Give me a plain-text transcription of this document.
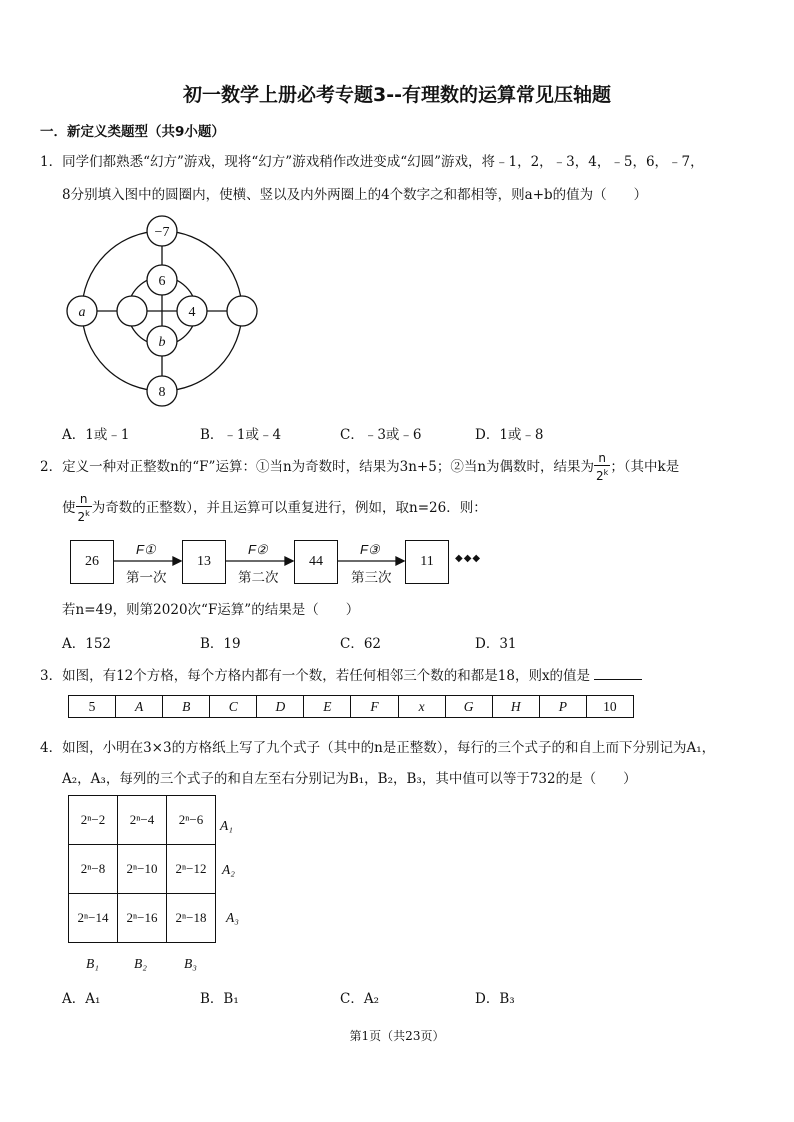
初一数学上册必考专题3--有理数的运算常见压轴题
一．新定义类题型（共9小题）
1．同学们都熟悉“幻方”游戏，现将“幻方”游戏稍作改进变成“幻圆”游戏，将﹣1，2，﹣3，4，﹣5，6，﹣7，
8分别填入图中的圆圈内，使横、竖以及内外两圈上的4个数字之和都相等，则a+b的值为（　　）
−7
6
4
b
a
8
A．1或﹣1	B．﹣1或﹣4	C．﹣3或﹣6	D．1或﹣8
2．定义一种对正整数n的“F”运算：①当n为奇数时，结果为3n+5；②当n为偶数时，结果为 $\frac{n}{2^k}$ ；（其中k是
使 $\frac{n}{2^k}$ 为奇数的正整数），并且运算可以重复进行，例如，取n=26．则：
26	13	44	11
F①	F②	F③
第一次	第二次	第三次
◆◆◆
若n=49，则第2020次“F运算”的结果是（　　）
A．152	B．19	C．62	D．31
3．如图，有12个方格，每个方格内都有一个数，若任何相邻三个数的和都是18，则x的值是
5	A	B	C	D	E	F	x	G	H	P	10
4．如图，小明在3×3的方格纸上写了九个式子（其中的n是正整数），每行的三个式子的和自上而下分别记为A₁，
A₂，A₃，每列的三个式子的和自左至右分别记为B₁，B₂，B₃，其中值可以等于732的是（　　）
2ⁿ−2	2ⁿ−4	2ⁿ−6
2ⁿ−8	2ⁿ−10	2ⁿ−12
2ⁿ−14	2ⁿ−16	2ⁿ−18
A₁
A₂
A₃
B₁	B₂	B₃
A．A₁	B．B₁	C．A₂	D．B₃
第1页（共23页）
